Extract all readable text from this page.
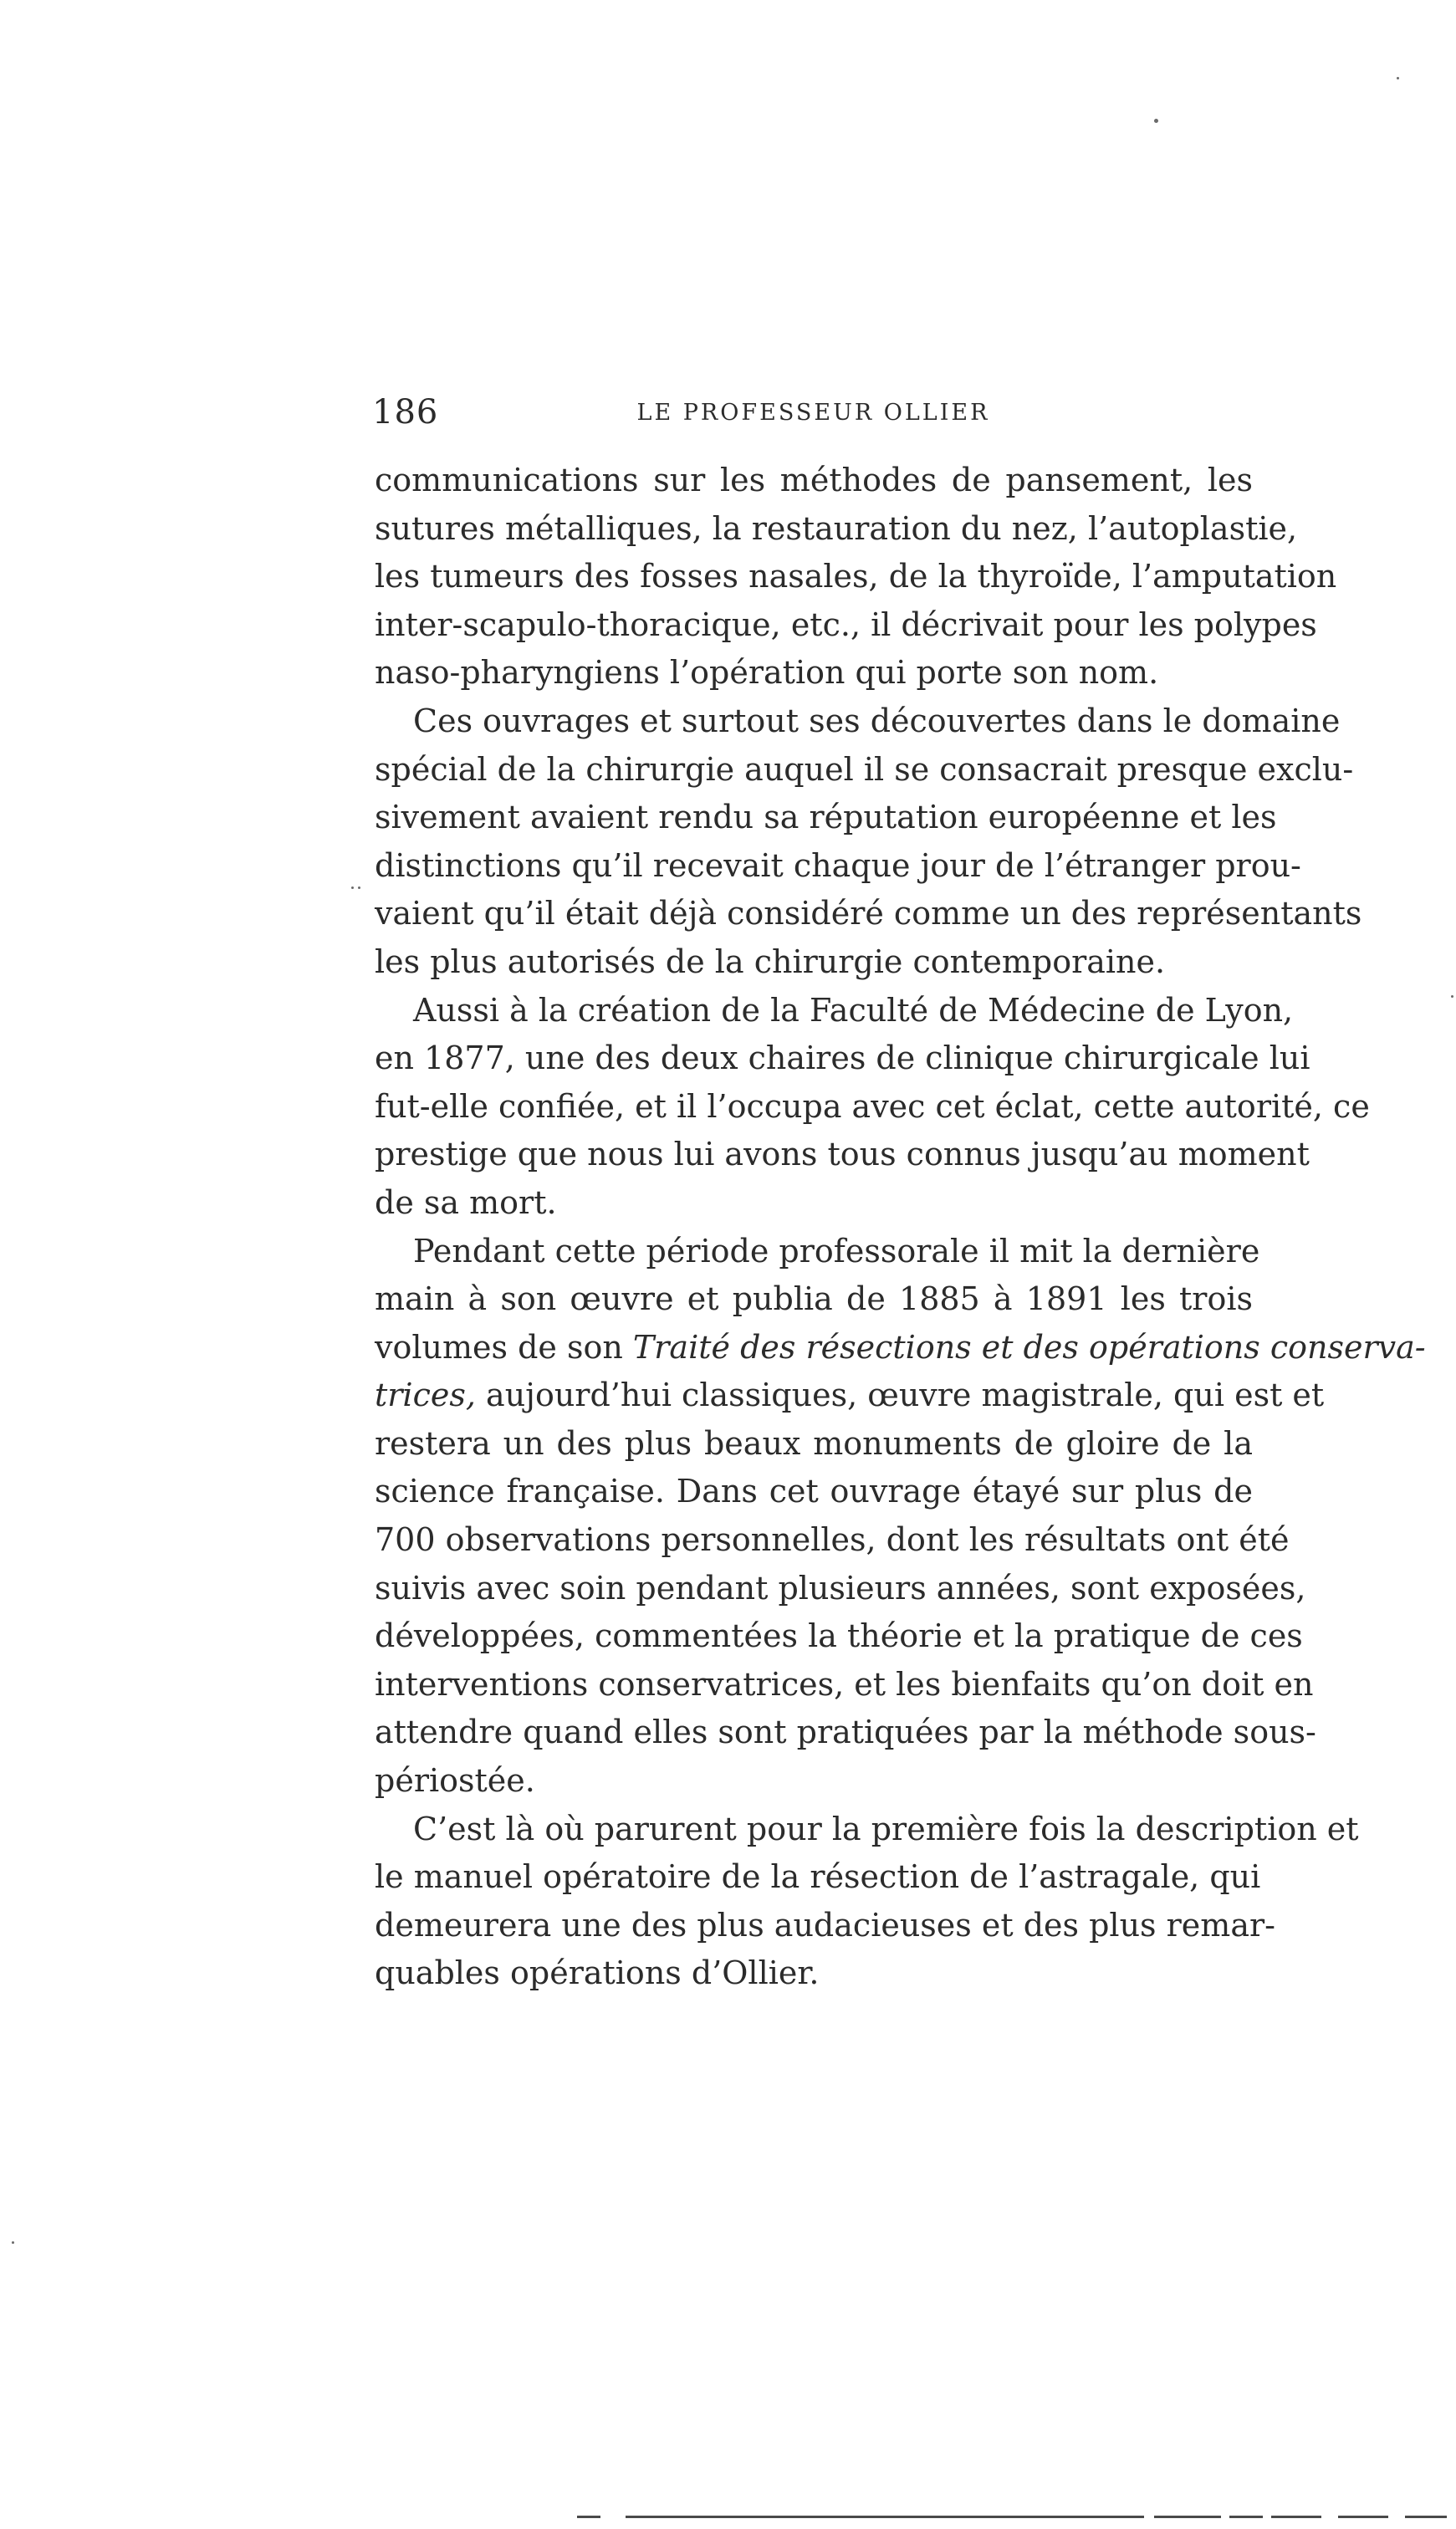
186	LE PROFESSEUR OLLIER
communications sur les méthodes de pansement, les
sutures métalliques, la restauration du nez, l’autoplastie,
les tumeurs des fosses nasales, de la thyroïde, l’amputation
inter-scapulo-thoracique, etc., il décrivait pour les polypes
naso-pharyngiens l’opération qui porte son nom.
Ces ouvrages et surtout ses découvertes dans le domaine
spécial de la chirurgie auquel il se consacrait presque exclu-
sivement avaient rendu sa réputation européenne et les
distinctions qu’il recevait chaque jour de l’étranger prou-
vaient qu’il était déjà considéré comme un des représentants
les plus autorisés de la chirurgie contemporaine.
Aussi à la création de la Faculté de Médecine de Lyon,
en 1877, une des deux chaires de clinique chirurgicale lui
fut-elle confiée, et il l’occupa avec cet éclat, cette autorité, ce
prestige que nous lui avons tous connus jusqu’au moment
de sa mort.
Pendant cette période professorale il mit la dernière
main à son œuvre et publia de 1885 à 1891 les trois
volumes de son Traité des résections et des opérations conserva-
trices, aujourd’hui classiques, œuvre magistrale, qui est et
restera un des plus beaux monuments de gloire de la
science française. Dans cet ouvrage étayé sur plus de
700 observations personnelles, dont les résultats ont été
suivis avec soin pendant plusieurs années, sont exposées,
développées, commentées la théorie et la pratique de ces
interventions conservatrices, et les bienfaits qu’on doit en
attendre quand elles sont pratiquées par la méthode sous-
périostée.
C’est là où parurent pour la première fois la description et
le manuel opératoire de la résection de l’astragale, qui
demeurera une des plus audacieuses et des plus remar-
quables opérations d’Ollier.
